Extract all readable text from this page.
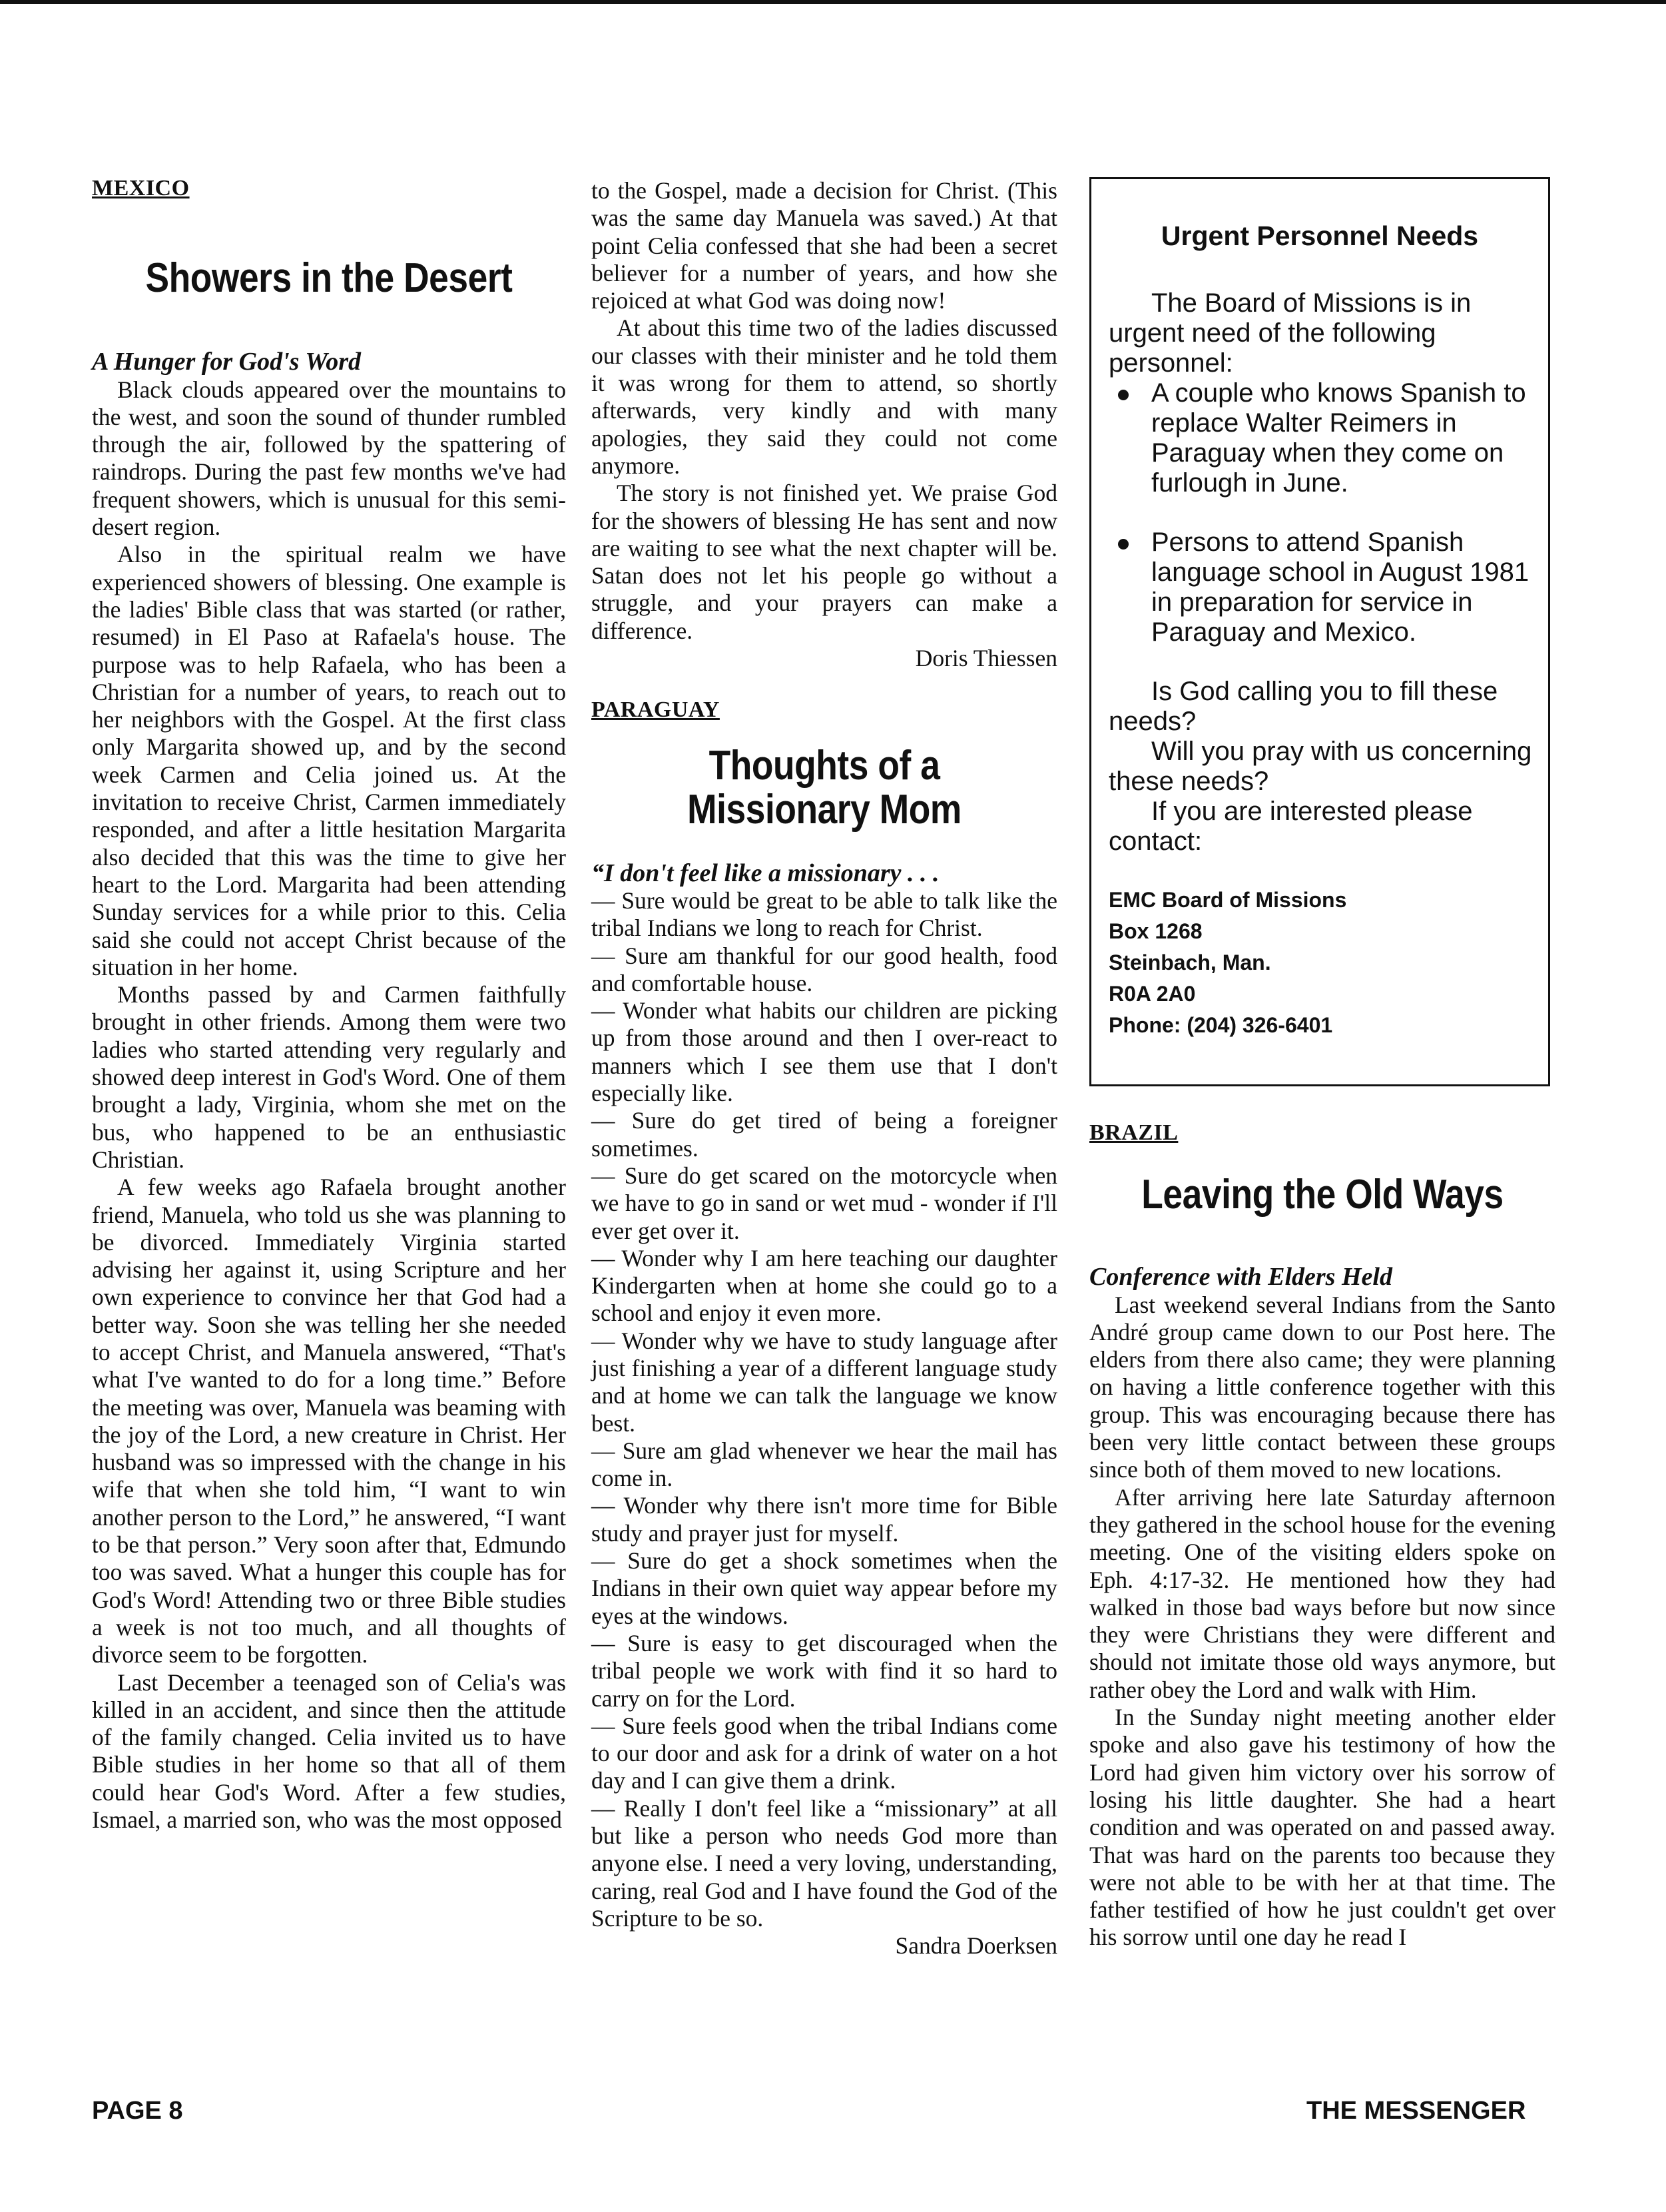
MEXICO
Showers in the Desert
A Hunger for God's Word

Black clouds appeared over the mountains to the west, and soon the sound of thunder rumbled through the air, followed by the spattering of raindrops. During the past few months we've had frequent showers, which is unusual for this semi-desert region.

Also in the spiritual realm we have experienced showers of blessing. One example is the ladies' Bible class that was started (or rather, resumed) in El Paso at Rafaela's house. The purpose was to help Rafaela, who has been a Christian for a number of years, to reach out to her neighbors with the Gospel. At the first class only Margarita showed up, and by the second week Carmen and Celia joined us. At the invitation to receive Christ, Carmen immediately responded, and after a little hesitation Margarita also decided that this was the time to give her heart to the Lord. Margarita had been attending Sunday services for a while prior to this. Celia said she could not accept Christ because of the situation in her home.

Months passed by and Carmen faithfully brought in other friends. Among them were two ladies who started attending very regularly and showed deep interest in God's Word. One of them brought a lady, Virginia, whom she met on the bus, who happened to be an enthusiastic Christian.

A few weeks ago Rafaela brought another friend, Manuela, who told us she was planning to be divorced. Immediately Virginia started advising her against it, using Scripture and her own experience to convince her that God had a better way. Soon she was telling her she needed to accept Christ, and Manuela answered, “That's what I've wanted to do for a long time.” Before the meeting was over, Manuela was beaming with the joy of the Lord, a new creature in Christ. Her husband was so impressed with the change in his wife that when she told him, “I want to win another person to the Lord,” he answered, “I want to be that person.” Very soon after that, Edmundo too was saved. What a hunger this couple has for God's Word! Attending two or three Bible studies a week is not too much, and all thoughts of divorce seem to be forgotten.

Last December a teenaged son of Celia's was killed in an accident, and since then the attitude of the family changed. Celia invited us to have Bible studies in her home so that all of them could hear God's Word. After a few studies, Ismael, a married son, who was the most opposed

to the Gospel, made a decision for Christ. (This was the same day Manuela was saved.) At that point Celia confessed that she had been a secret believer for a number of years, and how she rejoiced at what God was doing now!

At about this time two of the ladies discussed our classes with their minister and he told them it was wrong for them to attend, so shortly afterwards, very kindly and with many apologies, they said they could not come anymore.

The story is not finished yet. We praise God for the showers of blessing He has sent and now are waiting to see what the next chapter will be. Satan does not let his people go without a struggle, and your prayers can make a difference.

Doris Thiessen

PARAGUAY
Thoughts of a
Missionary Mom
“I don't feel like a missionary . . .

— Sure would be great to be able to talk like the tribal Indians we long to reach for Christ.

— Sure am thankful for our good health, food and comfortable house.

— Wonder what habits our children are picking up from those around and then I over-react to manners which I see them use that I don't especially like.

— Sure do get tired of being a foreigner sometimes.

— Sure do get scared on the motorcycle when we have to go in sand or wet mud - wonder if I'll ever get over it.

— Wonder why I am here teaching our daughter Kindergarten when at home she could go to a school and enjoy it even more.

— Wonder why we have to study language after just finishing a year of a different language study and at home we can talk the language we know best.

— Sure am glad whenever we hear the mail has come in.

— Wonder why there isn't more time for Bible study and prayer just for myself.

— Sure do get a shock sometimes when the Indians in their own quiet way appear before my eyes at the windows.

— Sure is easy to get discouraged when the tribal people we work with find it so hard to carry on for the Lord.

— Sure feels good when the tribal Indians come to our door and ask for a drink of water on a hot day and I can give them a drink.

— Really I don't feel like a “missionary” at all but like a person who needs God more than anyone else. I need a very loving, understanding, caring, real God and I have found the God of the Scripture to be so.

Sandra Doerksen

Urgent Personnel Needs

The Board of Missions is in urgent need of the following personnel:

A couple who knows Spanish to replace Walter Reimers in Paraguay when they come on furlough in June.
Persons to attend Spanish language school in August 1981 in preparation for service in Paraguay and Mexico.

Is God calling you to fill these needs?

Will you pray with us concerning these needs?

If you are interested please contact:

EMC Board of Missions
Box 1268
Steinbach, Man.
R0A 2A0
Phone: (204) 326-6401
BRAZIL
Leaving the Old Ways
Conference with Elders Held

Last weekend several Indians from the Santo André group came down to our Post here. The elders from there also came; they were planning on having a little conference together with this group. This was encouraging because there has been very little contact between these groups since both of them moved to new locations.

After arriving here late Saturday afternoon they gathered in the school house for the evening meeting. One of the visiting elders spoke on Eph. 4:17-32. He mentioned how they had walked in those bad ways before but now since they were Christians they were different and should not imitate those old ways anymore, but rather obey the Lord and walk with Him.

In the Sunday night meeting another elder spoke and also gave his testimony of how the Lord had given him victory over his sorrow of losing his little daughter. She had a heart condition and was operated on and passed away. That was hard on the parents too because they were not able to be with her at that time. The father testified of how he just couldn't get over his sorrow until one day he read I

PAGE 8	THE MESSENGER
